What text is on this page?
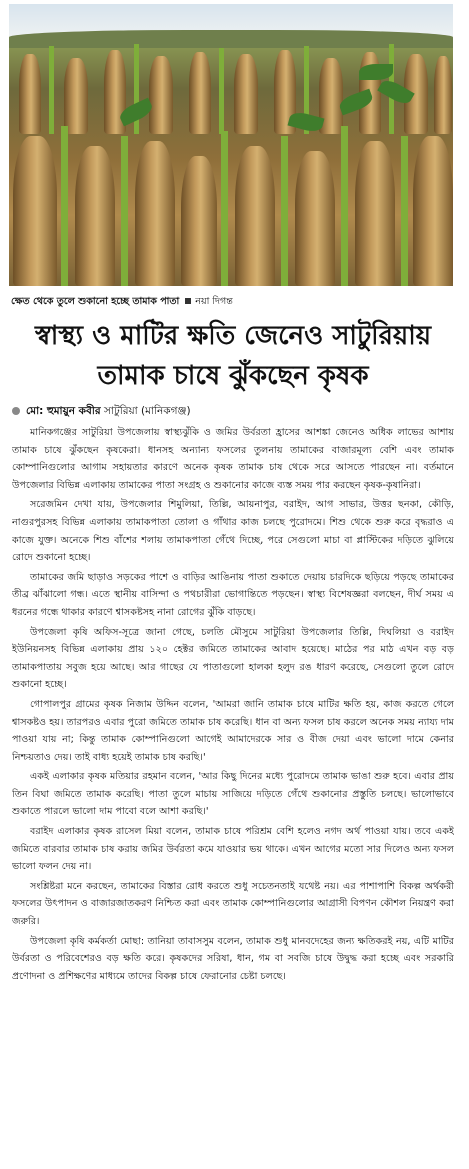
ক্ষেত থেকে তুলে শুকানো হচ্ছে তামাক পাতা নয়া দিগন্ত
স্বাস্থ্য ও মাটির ক্ষতি জেনেও সাটুরিয়ায়
তামাক চাষে ঝুঁকছেন কৃষক
মো: হুমায়ুন কবীর সাটুরিয়া (মানিকগঞ্জ)

মানিকগঞ্জের সাটুরিয়া উপজেলায় স্বাস্থ্যঝুঁকি ও জমির উর্বরতা হ্রাসের আশঙ্কা জেনেও অধিক লাভের আশায় তামাক চাষে ঝুঁকছেন কৃষকেরা। ধানসহ অন্যান্য ফসলের তুলনায় তামাকের বাজারমূল্য বেশি এবং তামাক কোম্পানিগুলোর আগাম সহায়তার কারণে অনেক কৃষক তামাক চাষ থেকে সরে আসতে পারছেন না। বর্তমানে উপজেলার বিভিন্ন এলাকায় তামাকের পাতা সংগ্রহ ও শুকানোর কাজে ব্যস্ত সময় পার করছেন কৃষক-কৃষানিরা।

সরেজমিন দেখা যায়, উপজেলার শিমুলিয়া, তিল্লি, আয়নাপুর, বরাইদ, আগ সাভার, উত্তর ছনকা, কৌড়ি, নাগুরপুরসহ বিভিন্ন এলাকায় তামাকপাতা তোলা ও গাঁথার কাজ চলছে পুরোদমে। শিশু থেকে শুরু করে বৃদ্ধরাও এ কাজে যুক্ত। অনেকে শিশু বাঁশের শলায় তামাকপাতা গেঁথে দিচ্ছে, পরে সেগুলো মাচা বা প্লাস্টিকের দড়িতে ঝুলিয়ে রোদে শুকানো হচ্ছে।

তামাকের জমি ছাড়াও সড়কের পাশে ও বাড়ির আঙিনায় পাতা শুকাতে দেয়ায় চারদিকে ছড়িয়ে পড়ছে তামাকের তীব্র ঝাঁঝালো গন্ধ। এতে স্থানীয় বাসিন্দা ও পথচারীরা ভোগান্তিতে পড়ছেন। স্বাস্থ্য বিশেষজ্ঞরা বলছেন, দীর্ঘ সময় এ ধরনের গন্ধে থাকার কারণে শ্বাসকষ্টসহ নানা রোগের ঝুঁকি বাড়ছে।

উপজেলা কৃষি অফিস-সূত্রে জানা গেছে, চলতি মৌসুমে সাটুরিয়া উপজেলার তিল্লি, দিঘলিয়া ও বরাইদ ইউনিয়নসহ বিভিন্ন এলাকায় প্রায় ১২০ হেক্টর জমিতে তামাকের আবাদ হয়েছে। মাঠের পর মাঠ এখন বড় বড় তামাকপাতায় সবুজ হয়ে আছে। আর গাছের যে পাতাগুলো হালকা হলুদ রঙ ধারণ করেছে, সেগুলো তুলে রোদে শুকানো হচ্ছে।

গোপালপুর গ্রামের কৃষক নিজাম উদ্দিন বলেন, 'আমরা জানি তামাক চাষে মাটির ক্ষতি হয়, কাজ করতে গেলে শ্বাসকষ্টও হয়। তারপরও এবার পুরো জমিতে তামাক চাষ করেছি। ধান বা অন্য ফসল চাষ করলে অনেক সময় ন্যায্য দাম পাওয়া যায় না; কিন্তু তামাক কোম্পানিগুলো আগেই আমাদেরকে সার ও বীজ দেয়া এবং ভালো দামে কেনার নিশ্চয়তাও দেয়। তাই বাধ্য হয়েই তামাক চাষ করছি।'

একই এলাকার কৃষক মতিয়ার রহমান বলেন, 'আর কিছু দিনের মধ্যে পুরোদমে তামাক ভাঙা শুরু হবে। এবার প্রায় তিন বিঘা জমিতে তামাক করেছি। পাতা তুলে মাচায় সাজিয়ে দড়িতে গেঁথে শুকানোর প্রস্তুতি চলছে। ভালোভাবে শুকাতে পারলে ভালো দাম পাবো বলে আশা করছি।'

বরাইদ এলাকার কৃষক রাসেল মিয়া বলেন, তামাক চাষে পরিশ্রম বেশি হলেও নগদ অর্থ পাওয়া যায়। তবে একই জমিতে বারবার তামাক চাষ করায় জমির উর্বরতা কমে যাওয়ার ভয় থাকে। এখন আগের মতো সার দিলেও অন্য ফসল ভালো ফলন দেয় না।

সংশ্লিষ্টরা মনে করছেন, তামাকের বিস্তার রোধ করতে শুধু সচেতনতাই যথেষ্ট নয়। এর পাশাপাশি বিকল্প অর্থকরী ফসলের উৎপাদন ও বাজারজাতকরণ নিশ্চিত করা এবং তামাক কোম্পানিগুলোর আগ্রাসী বিপণন কৌশল নিয়ন্ত্রণ করা জরুরি।

উপজেলা কৃষি কর্মকর্তা মোছা: তানিয়া তাবাসসুম বলেন, তামাক শুধু মানবদেহের জন্য ক্ষতিকরই নয়, এটি মাটির উর্বরতা ও পরিবেশেরও বড় ক্ষতি করে। কৃষকদের সরিষা, ধান, গম বা সবজি চাষে উদ্বুদ্ধ করা হচ্ছে এবং সরকারি প্রণোদনা ও প্রশিক্ষণের মাধ্যমে তাদের বিকল্প চাষে ফেরানোর চেষ্টা চলছে।
